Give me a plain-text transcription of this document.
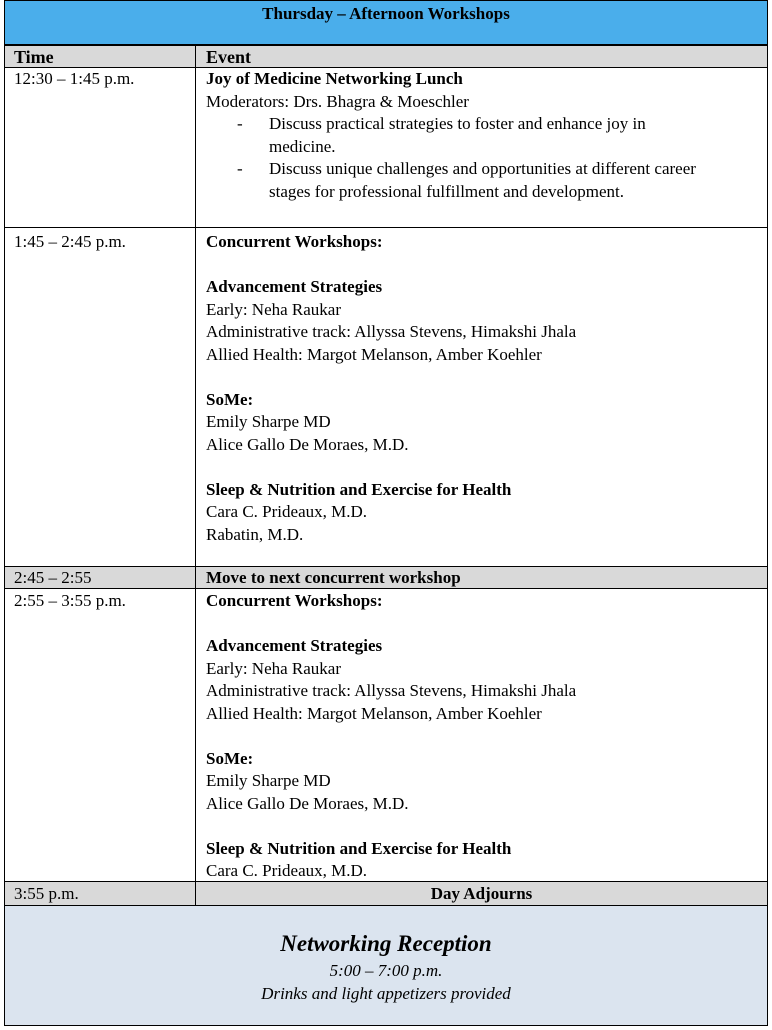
Thursday – Afternoon Workshops
Time	Event
12:30 – 1:45 p.m.	Joy of Medicine Networking Lunch
Moderators: Drs. Bhagra & Moeschler
- Discuss practical strategies to foster and enhance joy in
medicine.
- Discuss unique challenges and opportunities at different career
stages for professional fulfillment and development.
1:45 – 2:45 p.m.	Concurrent Workshops:
Advancement Strategies
Early: Neha Raukar
Administrative track: Allyssa Stevens, Himakshi Jhala
Allied Health: Margot Melanson, Amber Koehler
SoMe:
Emily Sharpe MD
Alice Gallo De Moraes, M.D.
Sleep & Nutrition and Exercise for Health
Cara C. Prideaux, M.D.
Rabatin, M.D.
2:45 – 2:55	Move to next concurrent workshop
2:55 – 3:55 p.m.	Concurrent Workshops:
Advancement Strategies
Early: Neha Raukar
Administrative track: Allyssa Stevens, Himakshi Jhala
Allied Health: Margot Melanson, Amber Koehler
SoMe:
Emily Sharpe MD
Alice Gallo De Moraes, M.D.
Sleep & Nutrition and Exercise for Health
Cara C. Prideaux, M.D.
3:55 p.m.	Day Adjourns
Networking Reception
5:00 – 7:00 p.m.
Drinks and light appetizers provided
